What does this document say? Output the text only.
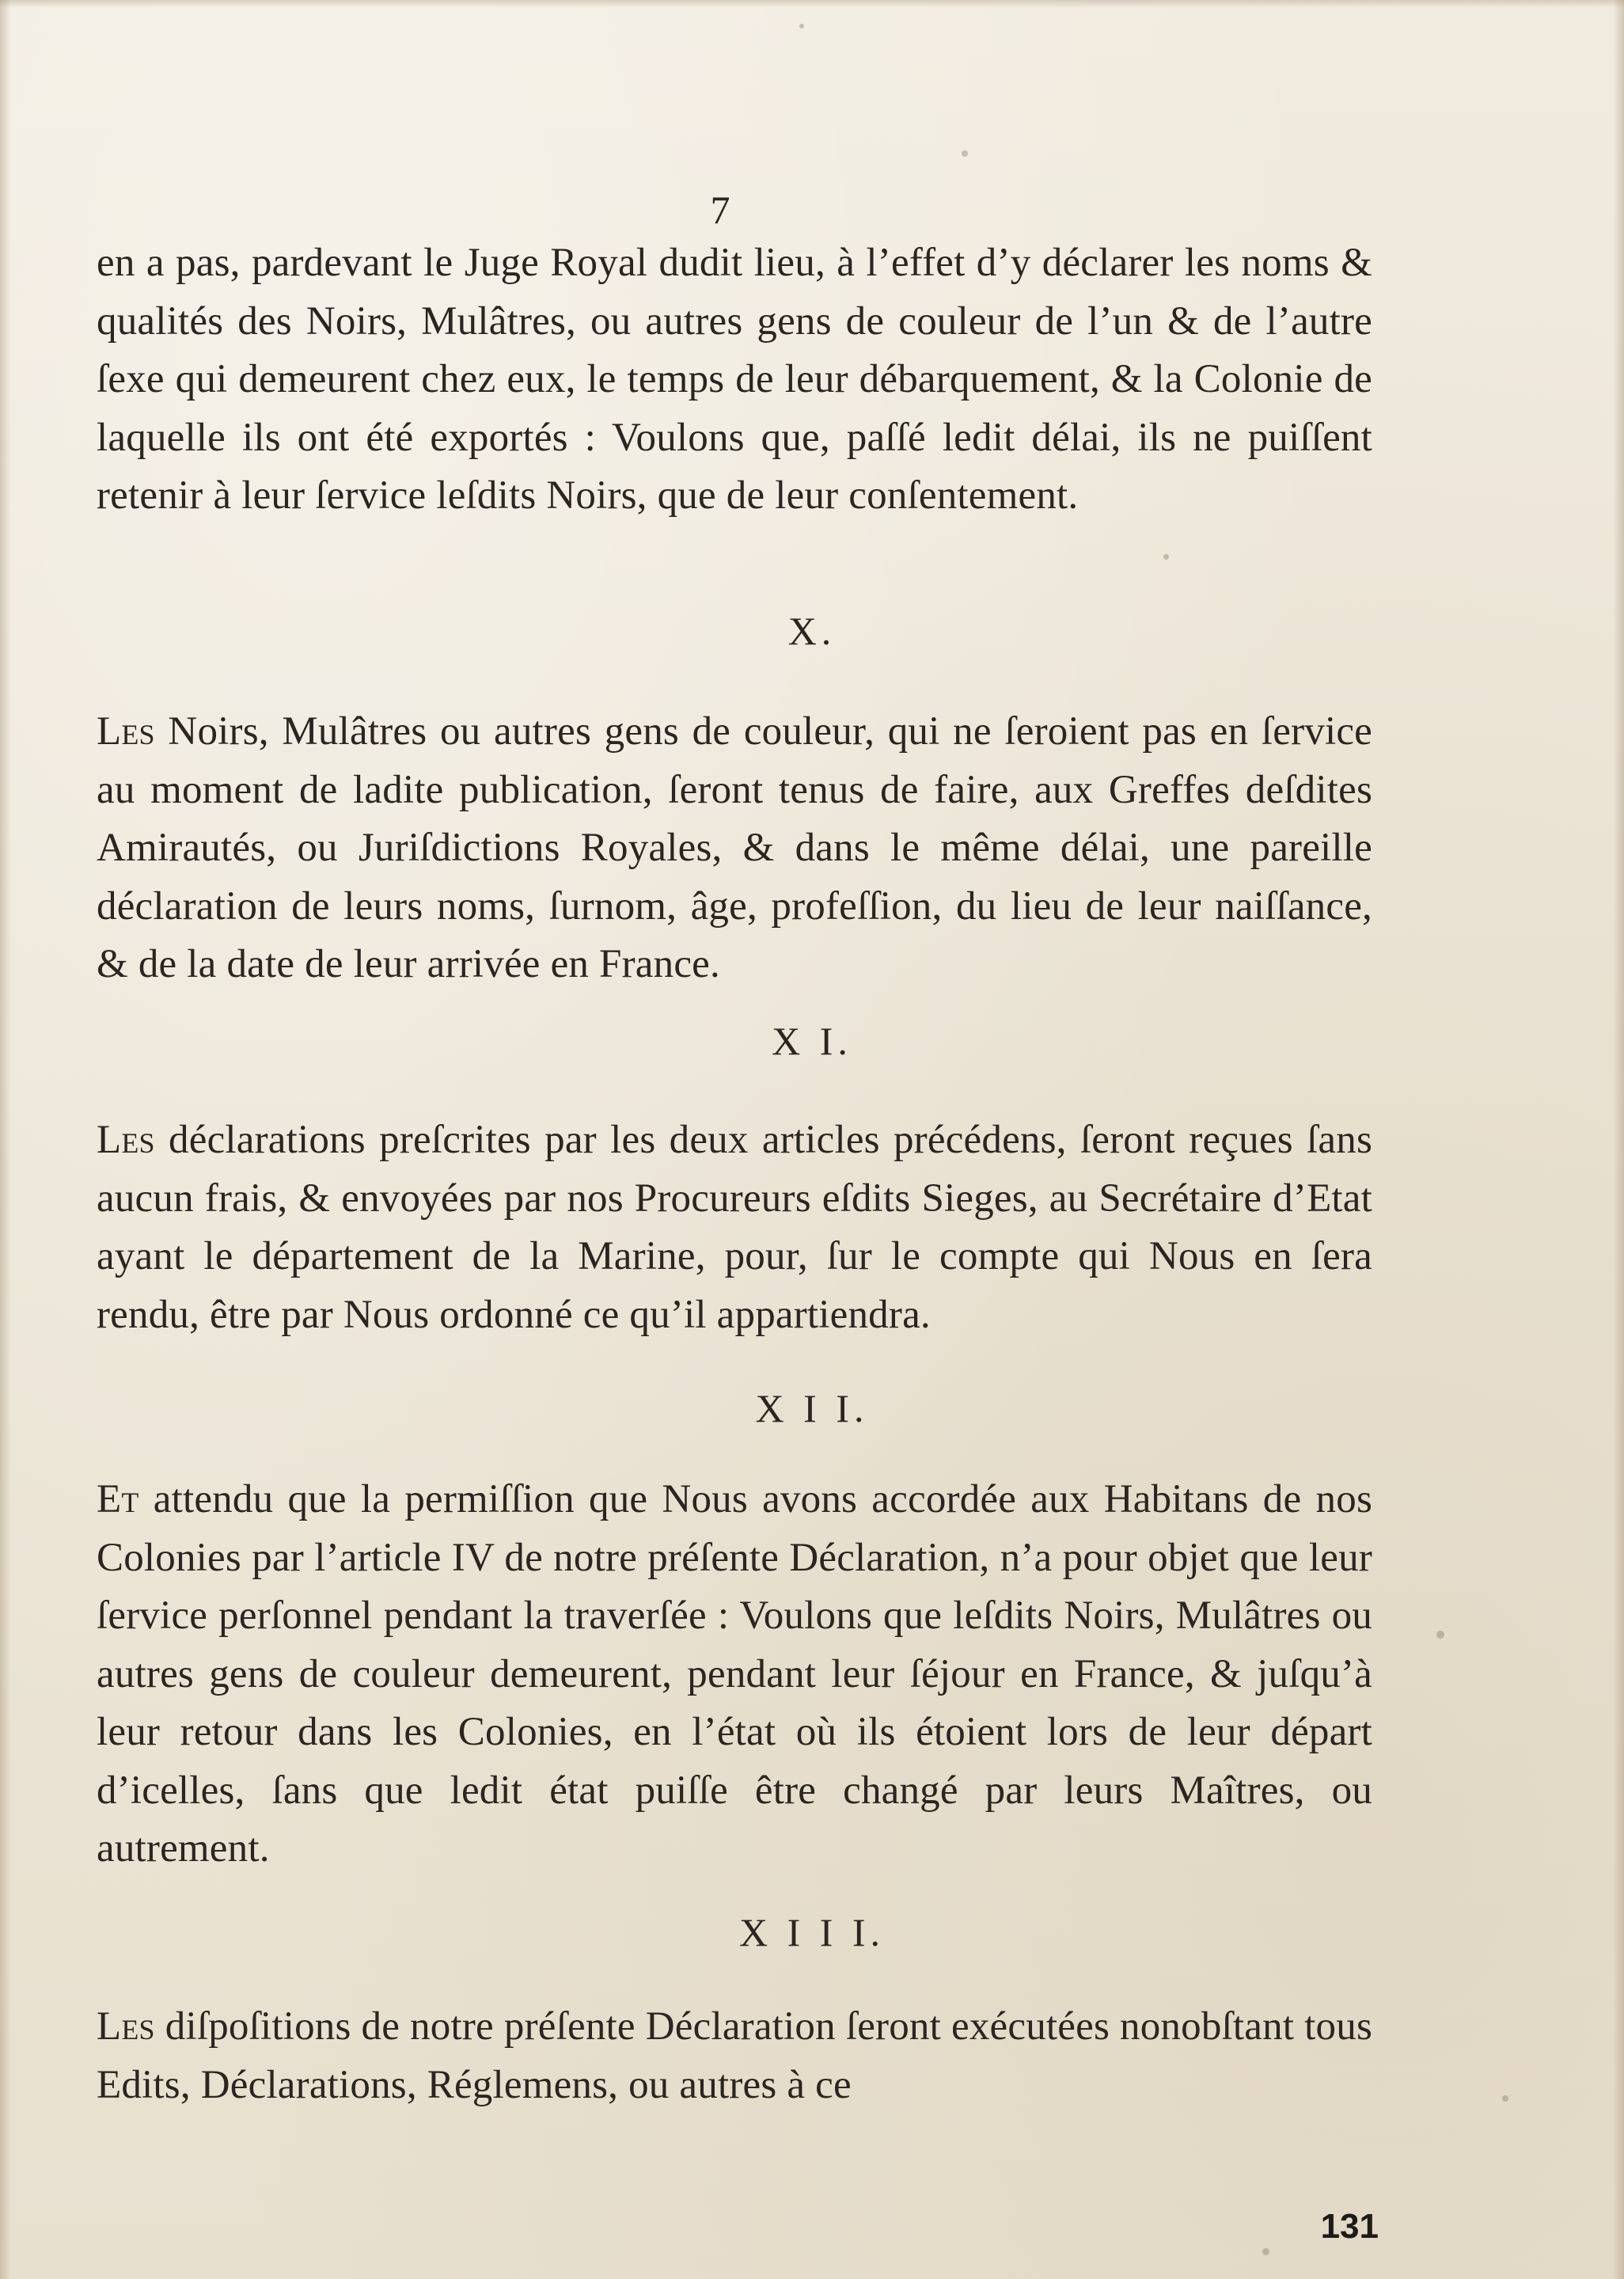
7

en a pas, pardevant le Juge Royal dudit lieu, à l’effet d’y déclarer les noms & qualités des Noirs, Mulâtres, ou autres gens de couleur de l’un & de l’autre ſexe qui demeurent chez eux, le temps de leur débarquement, & la Colonie de laquelle ils ont été exportés : Voulons que, paſſé ledit délai, ils ne puiſſent retenir à leur ſervice leſdits Noirs, que de leur conſentement.

X.

Les Noirs, Mulâtres ou autres gens de couleur, qui ne ſeroient pas en ſervice au moment de ladite publication, ſeront tenus de faire, aux Greffes deſdites Amirautés, ou Juriſdictions Royales, & dans le même délai, une pareille déclaration de leurs noms, ſurnom, âge, profeſſion, du lieu de leur naiſſance, & de la date de leur arrivée en France.

X I.

Les déclarations preſcrites par les deux articles précédens, ſeront reçues ſans aucun frais, & envoyées par nos Procureurs eſdits Sieges, au Secrétaire d’Etat ayant le département de la Marine, pour, ſur le compte qui Nous en ſera rendu, être par Nous ordonné ce qu’il appartiendra.

X I I.

Et attendu que la permiſſion que Nous avons accordée aux Habitans de nos Colonies par l’article IV de notre préſente Déclaration, n’a pour objet que leur ſervice perſonnel pendant la traverſée : Voulons que leſdits Noirs, Mulâtres ou autres gens de couleur demeurent, pendant leur ſéjour en France, & juſqu’à leur retour dans les Colonies, en l’état où ils étoient lors de leur départ d’icelles, ſans que ledit état puiſſe être changé par leurs Maîtres, ou autrement.

X I I I.

Les diſpoſitions de notre préſente Déclaration ſeront exécutées nonobſtant tous Edits, Déclarations, Réglemens, ou autres à ce

131
